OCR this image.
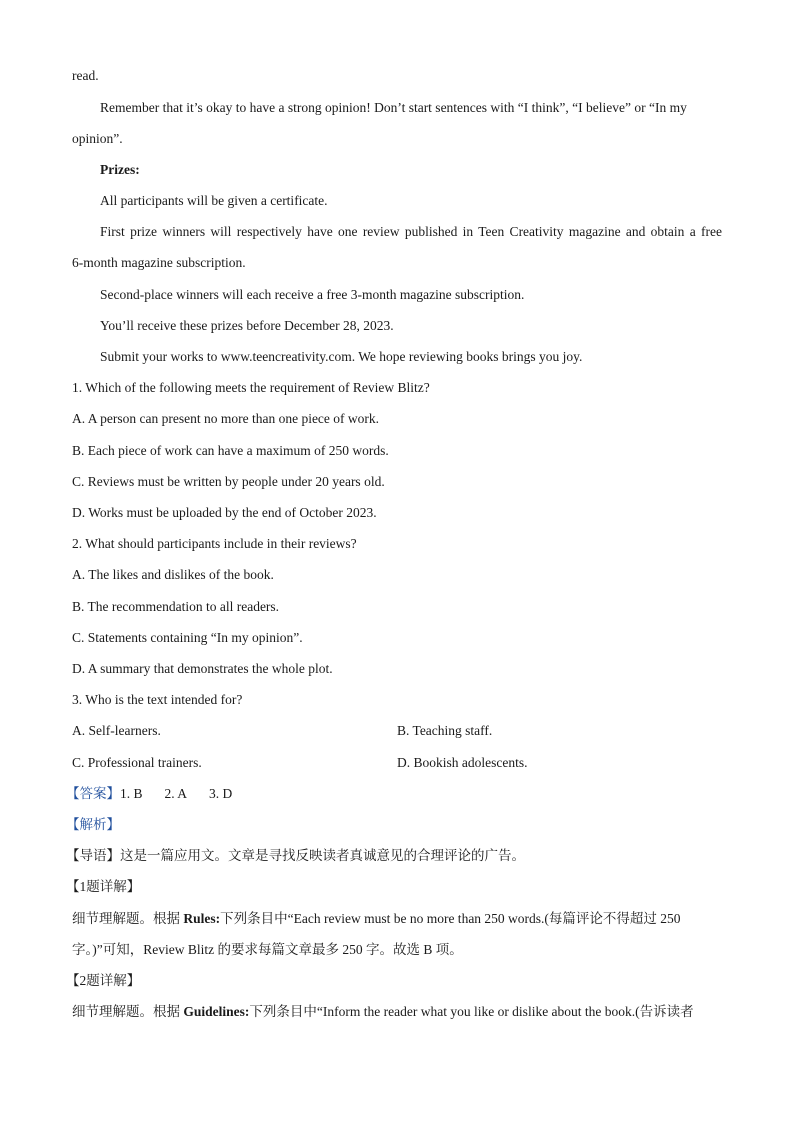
read.
Remember that it’s okay to have a strong opinion! Don’t start sentences with “I think”, “I believe” or “In my
opinion”.
Prizes:
All participants will be given a certificate.
First prize winners will respectively have one review published in Teen Creativity magazine and obtain a free
6-month magazine subscription.
Second-place winners will each receive a free 3-month magazine subscription.
You’ll receive these prizes before December 28, 2023.
Submit your works to www.teencreativity.com. We hope reviewing books brings you joy.
1. Which of the following meets the requirement of Review Blitz?
A. A person can present no more than one piece of work.
B. Each piece of work can have a maximum of 250 words.
C. Reviews must be written by people under 20 years old.
D. Works must be uploaded by the end of October 2023.
2. What should participants include in their reviews?
A. The likes and dislikes of the book.
B. The recommendation to all readers.
C. Statements containing “In my opinion”.
D. A summary that demonstrates the whole plot.
3. Who is the text intended for?
A. Self-learners.	B. Teaching staff.
C. Professional trainers.	D. Bookish adolescents.
【答案】1. B 2. A 3. D
【解析】
【导语】这是一篇应用文。文章是寻找反映读者真诚意见的合理评论的广告。
【1题详解】
细节理解题。根据 Rules:下列条目中“Each review must be no more than 250 words.(每篇评论不得超过 250
字。)”可知，Review Blitz 的要求每篇文章最多 250 字。故选 B 项。
【2题详解】
细节理解题。根据 Guidelines:下列条目中“Inform the reader what you like or dislike about the book.(告诉读者
